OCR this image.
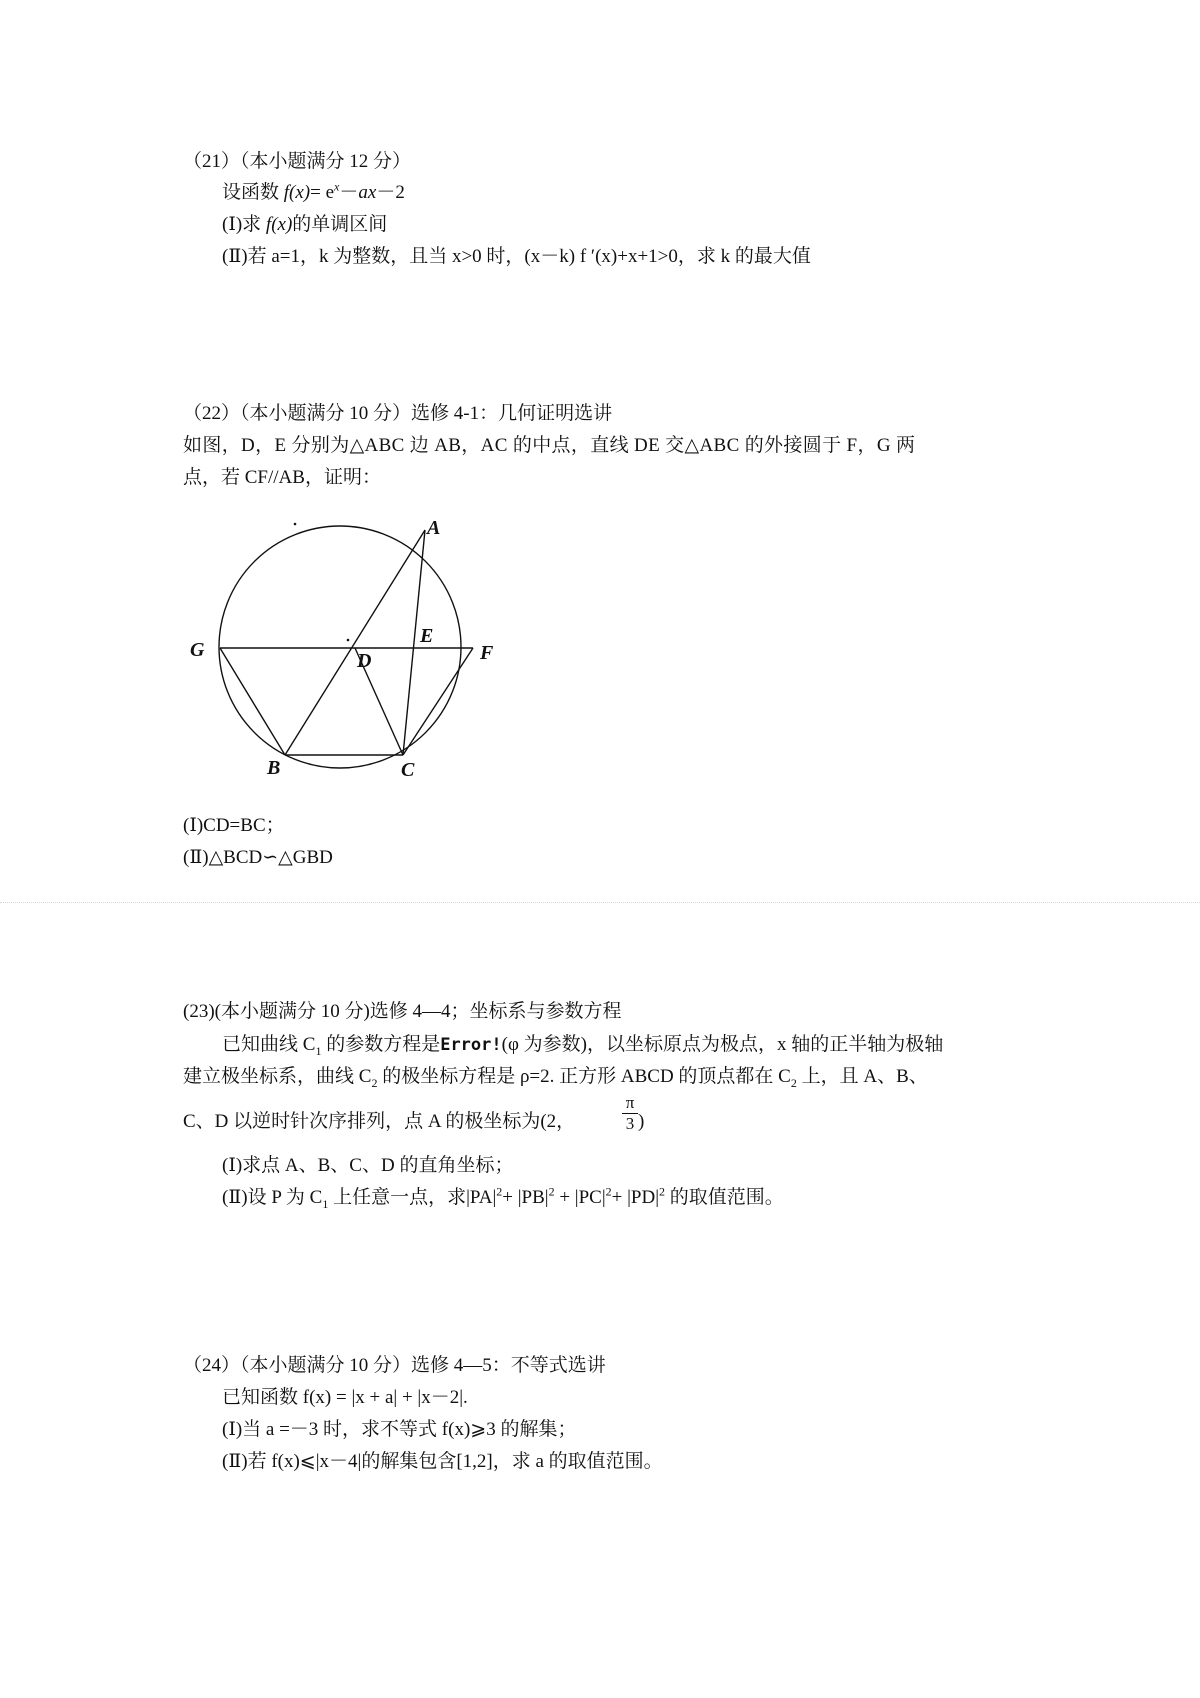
（21）（本小题满分 12 分）
设函数 $f(x)= e^x-ax-2$
(Ⅰ)求 f(x)的单调区间
(Ⅱ)若 a=1，k 为整数，且当 x>0 时，(x－k) f ′(x)+x+1>0，求 k 的最大值
（22）（本小题满分 10 分）选修 4-1：几何证明选讲
如图，D，E 分别为△ABC 边 AB，AC 的中点，直线 DE 交△ABC 的外接圆于 F，G 两
点，若 CF//AB，证明：
A
G	F
E
D
B	C
(Ⅰ)CD=BC；
(Ⅱ)△BCD∽△GBD
(23)(本小题满分 10 分)选修 4—4；坐标系与参数方程
已知曲线 $C_1$ 的参数方程是Error!(φ 为参数)，以坐标原点为极点，x 轴的正半轴为极轴
建立极坐标系，曲线 $C_2$ 的极坐标方程是 ρ=2. 正方形 ABCD 的顶点都在 $C_2$ 上，且 A、B、
C、D 以逆时针次序排列，点 A 的极坐标为(2，
π
3 )
(Ⅰ)求点 A、B、C、D 的直角坐标；
(Ⅱ)设 P 为 $C_1$ 上任意一点，求$|PA|^2+ |PB|^2 + |PC|^2+ |PD|^2$ 的取值范围。
（24）（本小题满分 10 分）选修 4—5：不等式选讲
已知函数 f(x) = |x + a| + |x－2|.
(Ⅰ)当 a =－3 时，求不等式 f(x)⩾3 的解集；
(Ⅱ)若 f(x)⩽|x－4|的解集包含[1,2]，求 a 的取值范围。
